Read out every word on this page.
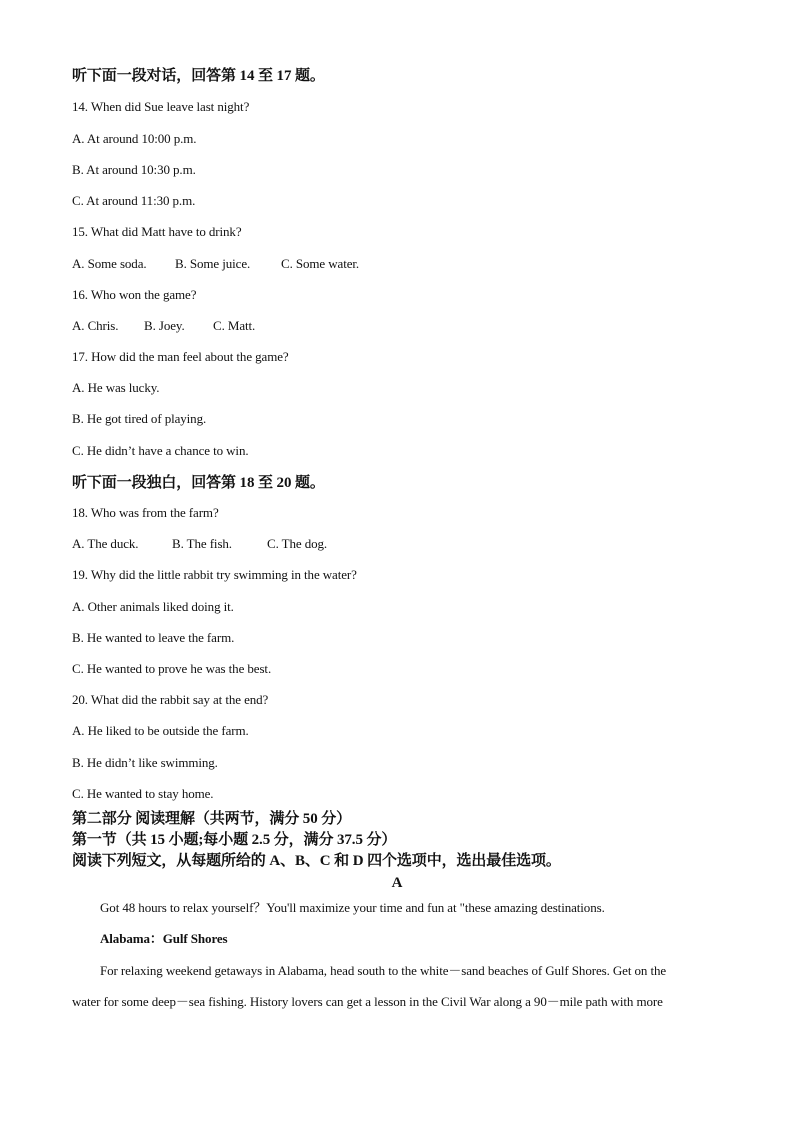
听下面一段对话，回答第 14 至 17 题。
14. When did Sue leave last night?
A. At around 10:00 p.m.
B. At around 10:30 p.m.
C. At around 11:30 p.m.
15. What did Matt have to drink?
A. Some soda. B. Some juice. C. Some water.
16. Who won the game?
A. Chris. B. Joey. C. Matt.
17. How did the man feel about the game?
A. He was lucky.
B. He got tired of playing.
C. He didn’t have a chance to win.
听下面一段独白，回答第 18 至 20 题。
18. Who was from the farm?
A. The duck.	B. The fish.	C. The dog.
19. Why did the little rabbit try swimming in the water?
A. Other animals liked doing it.
B. He wanted to leave the farm.
C. He wanted to prove he was the best.
20. What did the rabbit say at the end?
A. He liked to be outside the farm.
B. He didn’t like swimming.
C. He wanted to stay home.
第二部分 阅读理解（共两节，满分 50 分）
第一节（共 15 小题;每小题 2.5 分，满分 37.5 分）
阅读下列短文，从每题所给的 A、B、C 和 D 四个选项中，选出最佳选项。
A
Got 48 hours to relax yourself？You'll maximize your time and fun at "these amazing destinations.
Alabama：Gulf Shores
For relaxing weekend getaways in Alabama, head south to the white－sand beaches of Gulf Shores. Get on the
water for some deep－sea fishing. History lovers can get a lesson in the Civil War along a 90－mile path with more
